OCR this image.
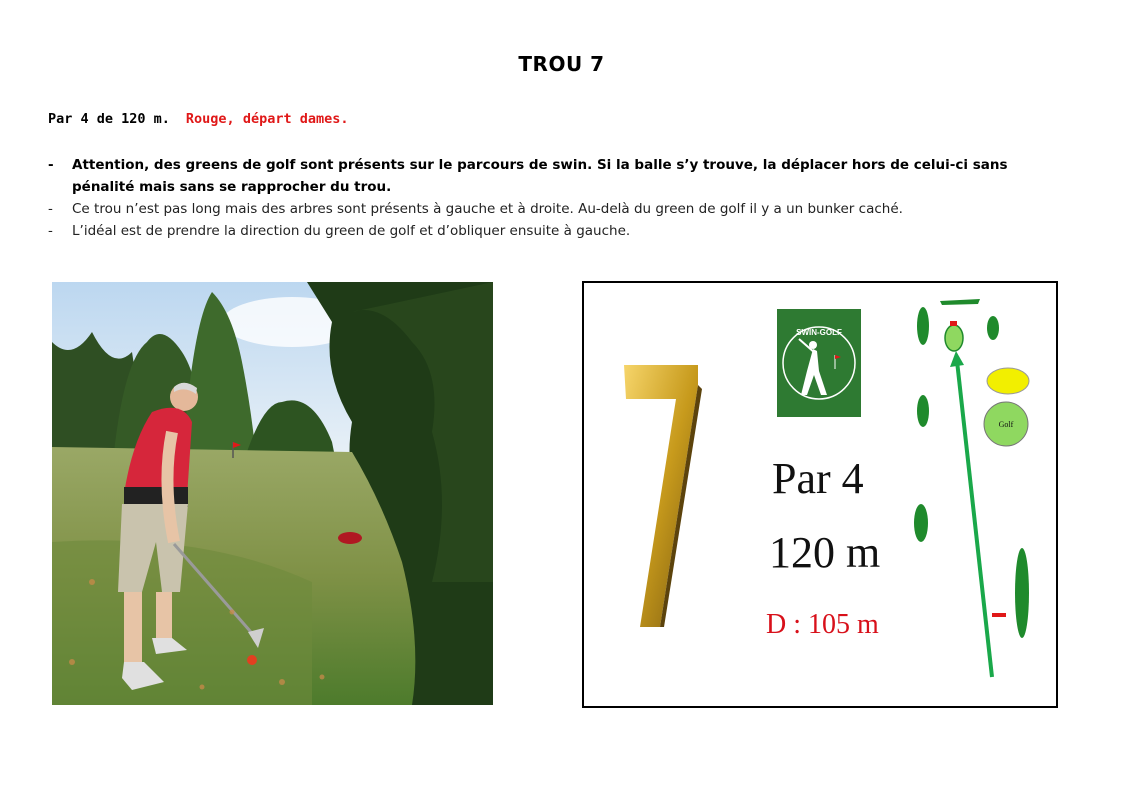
TROU 7
Par 4 de 120 m. Rouge, départ dames.
- Attention, des greens de golf sont présents sur le parcours de swin. Si la balle s’y trouve, la déplacer hors de celui-ci sans pénalité mais sans se rapprocher du trou.
- Ce trou n’est pas long mais des arbres sont présents à gauche et à droite. Au-delà du green de golf il y a un bunker caché.
- L’idéal est de prendre la direction du green de golf et d’obliquer ensuite à gauche.
SWIN-GOLF
Par 4
120 m
D : 105 m
Golf
